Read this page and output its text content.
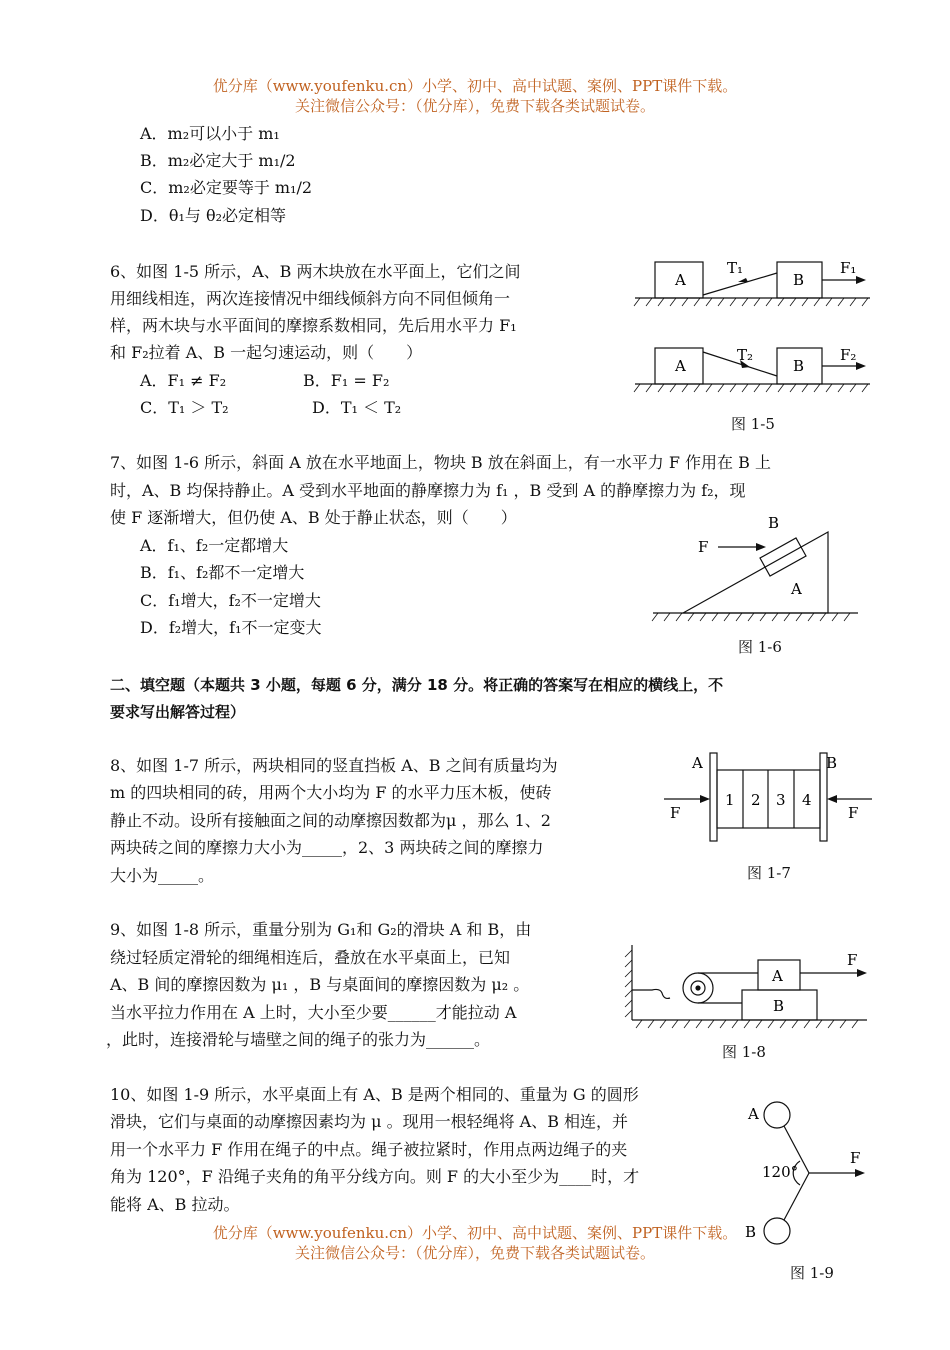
优分库（www.youfenku.cn）小学、初中、高中试题、案例、PPT课件下载。
关注微信公众号：（优分库），免费下载各类试题试卷。
A．m₂可以小于 m₁
B．m₂必定大于 m₁/2
C．m₂必定要等于 m₁/2
D．θ₁与 θ₂必定相等
6、如图 1-5 所示，A、B 两木块放在水平面上，它们之间
用细线相连，两次连接情况中细线倾斜方向不同但倾角一
样，两木块与水平面间的摩擦系数相同，先后用水平力 F₁
和 F₂拉着 A、B 一起匀速运动，则（　　）
A．F₁ ≠ F₂	B．F₁ = F₂
C．T₁ ＞ T₂	D．T₁ ＜ T₂
A	B
T₁	F₁
A	B
T₂	F₂
图 1-5
7、如图 1-6 所示，斜面 A 放在水平地面上，物块 B 放在斜面上，有一水平力 F 作用在 B 上
时，A、B 均保持静止。A 受到水平地面的静摩擦力为 f₁ ，B 受到 A 的静摩擦力为 f₂，现
使 F 逐渐增大，但仍使 A、B 处于静止状态，则（　　）
A．f₁、f₂一定都增大
B．f₁、f₂都不一定增大
C．f₁增大，f₂不一定增大
D．f₂增大，f₁不一定变大
B
F
A
图 1-6
二、填空题（本题共 3 小题，每题 6 分，满分 18 分。将正确的答案写在相应的横线上，不
要求写出解答过程）
8、如图 1-7 所示，两块相同的竖直挡板 A、B 之间有质量均为
m 的四块相同的砖，用两个大小均为 F 的水平力压木板，使砖
静止不动。设所有接触面之间的动摩擦因数都为μ ，那么 1、2
两块砖之间的摩擦力大小为_____，2、3 两块砖之间的摩擦力
大小为_____。
A	B
F	F
1 2 3 4
图 1-7
9、如图 1-8 所示，重量分别为 G₁和 G₂的滑块 A 和 B，由
绕过轻质定滑轮的细绳相连后，叠放在水平桌面上，已知
A、B 间的摩擦因数为 μ₁ ，B 与桌面间的摩擦因数为 μ₂ 。
当水平拉力作用在 A 上时，大小至少要______才能拉动 A
，此时，连接滑轮与墙壁之间的绳子的张力为______。
A
B
F
图 1-8
10、如图 1-9 所示，水平桌面上有 A、B 是两个相同的、重量为 G 的圆形
滑块，它们与桌面的动摩擦因素均为 μ 。现用一根轻绳将 A、B 相连，并
用一个水平力 F 作用在绳子的中点。绳子被拉紧时，作用点两边绳子的夹
角为 120°，F 沿绳子夹角的角平分线方向。则 F 的大小至少为____时，才
能将 A、B 拉动。
A
B
F
120°
图 1-9
优分库（www.youfenku.cn）小学、初中、高中试题、案例、PPT课件下载。
关注微信公众号：（优分库），免费下载各类试题试卷。
